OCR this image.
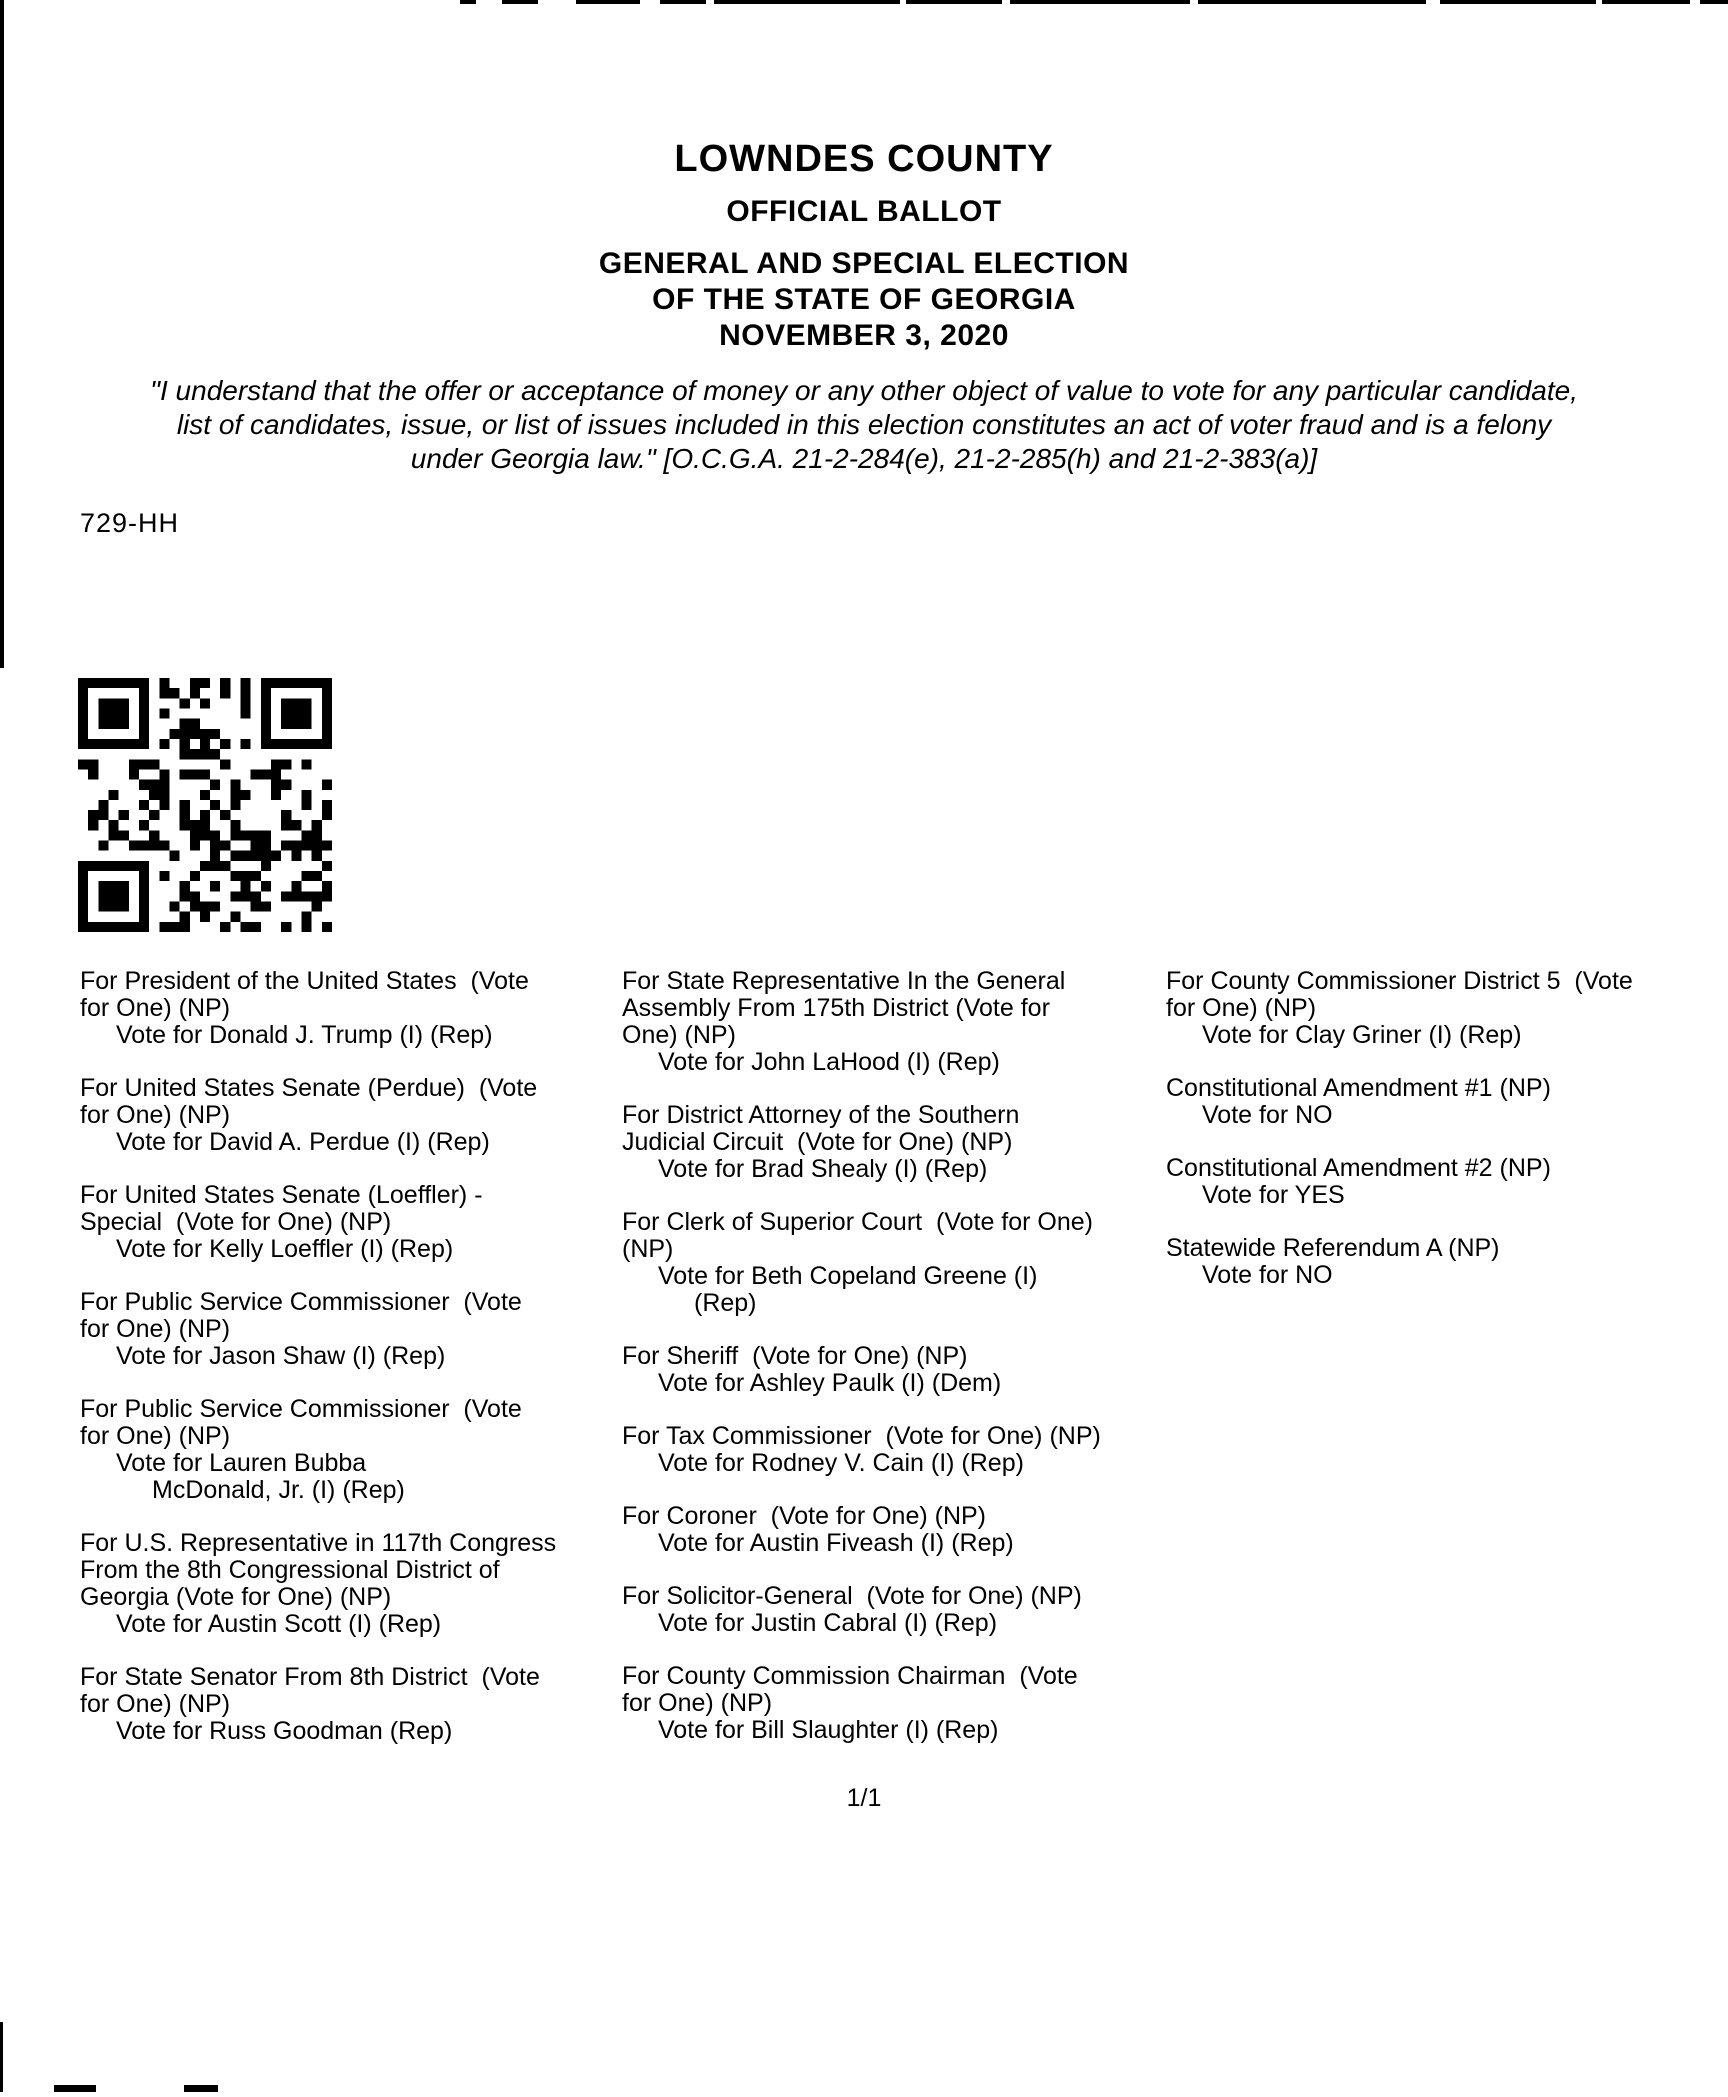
LOWNDES COUNTY
OFFICIAL BALLOT
GENERAL AND SPECIAL ELECTION
OF THE STATE OF GEORGIA
NOVEMBER 3, 2020
"I understand that the offer or acceptance of money or any other object of value to vote for any particular candidate,
list of candidates, issue, or list of issues included in this election constitutes an act of voter fraud and is a felony
under Georgia law." [O.C.G.A. 21-2-284(e), 21-2-285(h) and 21-2-383(a)]
729-HH
For President of the United States  (Vote
for One) (NP)
Vote for Donald J. Trump (I) (Rep)
For United States Senate (Perdue)  (Vote
for One) (NP)
Vote for David A. Perdue (I) (Rep)
For United States Senate (Loeffler) -
Special  (Vote for One) (NP)
Vote for Kelly Loeffler (I) (Rep)
For Public Service Commissioner  (Vote
for One) (NP)
Vote for Jason Shaw (I) (Rep)
For Public Service Commissioner  (Vote
for One) (NP)
Vote for Lauren Bubba
McDonald, Jr. (I) (Rep)
For U.S. Representative in 117th Congress
From the 8th Congressional District of
Georgia (Vote for One) (NP)
Vote for Austin Scott (I) (Rep)
For State Senator From 8th District  (Vote
for One) (NP)
Vote for Russ Goodman (Rep)
For State Representative In the General
Assembly From 175th District (Vote for
One) (NP)
Vote for John LaHood (I) (Rep)
For District Attorney of the Southern
Judicial Circuit  (Vote for One) (NP)
Vote for Brad Shealy (I) (Rep)
For Clerk of Superior Court  (Vote for One)
(NP)
Vote for Beth Copeland Greene (I)
(Rep)
For Sheriff  (Vote for One) (NP)
Vote for Ashley Paulk (I) (Dem)
For Tax Commissioner  (Vote for One) (NP)
Vote for Rodney V. Cain (I) (Rep)
For Coroner  (Vote for One) (NP)
Vote for Austin Fiveash (I) (Rep)
For Solicitor-General  (Vote for One) (NP)
Vote for Justin Cabral (I) (Rep)
For County Commission Chairman  (Vote
for One) (NP)
Vote for Bill Slaughter (I) (Rep)
For County Commissioner District 5  (Vote
for One) (NP)
Vote for Clay Griner (I) (Rep)
Constitutional Amendment #1 (NP)
Vote for NO
Constitutional Amendment #2 (NP)
Vote for YES
Statewide Referendum A (NP)
Vote for NO
1/1
